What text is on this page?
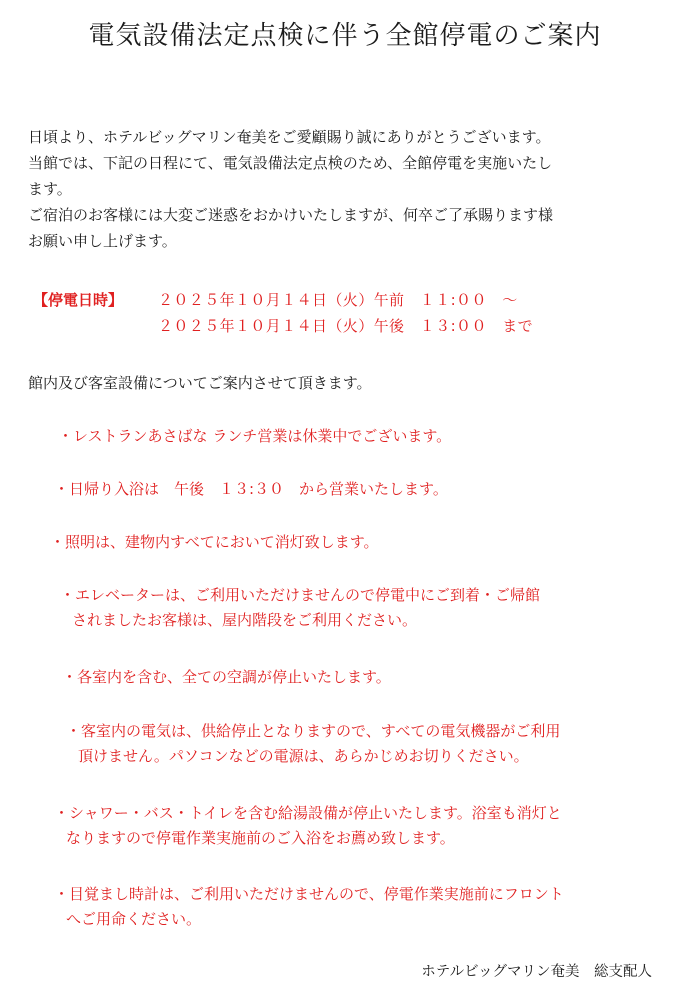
電気設備法定点検に伴う全館停電のご案内
日頃より、ホテルビッグマリン奄美をご愛顧賜り誠にありがとうございます。
当館では、下記の日程にて、電気設備法定点検のため、全館停電を実施いたし
ます。
ご宿泊のお客様には大変ご迷惑をおかけいたしますが、何卒ご了承賜ります様
お願い申し上げます。
【停電日時】 ２０２５年１０月１４日（火）午前　１１:００　～
２０２５年１０月１４日（火）午後　１３:００　まで
館内及び客室設備についてご案内させて頂きます。
・レストランあさばな ランチ営業は休業中でございます。
・日帰り入浴は　午後　１３:３０　から営業いたします。
・照明は、建物内すべてにおいて消灯致します。
・エレベーターは、ご利用いただけませんので停電中にご到着・ご帰館
されましたお客様は、屋内階段をご利用ください。
・各室内を含む、全ての空調が停止いたします。
・客室内の電気は、供給停止となりますので、すべての電気機器がご利用
頂けません。パソコンなどの電源は、あらかじめお切りください。
・シャワー・バス・トイレを含む給湯設備が停止いたします。浴室も消灯と
なりますので停電作業実施前のご入浴をお薦め致します。
・目覚まし時計は、ご利用いただけませんので、停電作業実施前にフロント
へご用命ください。
ホテルビッグマリン奄美　総支配人
